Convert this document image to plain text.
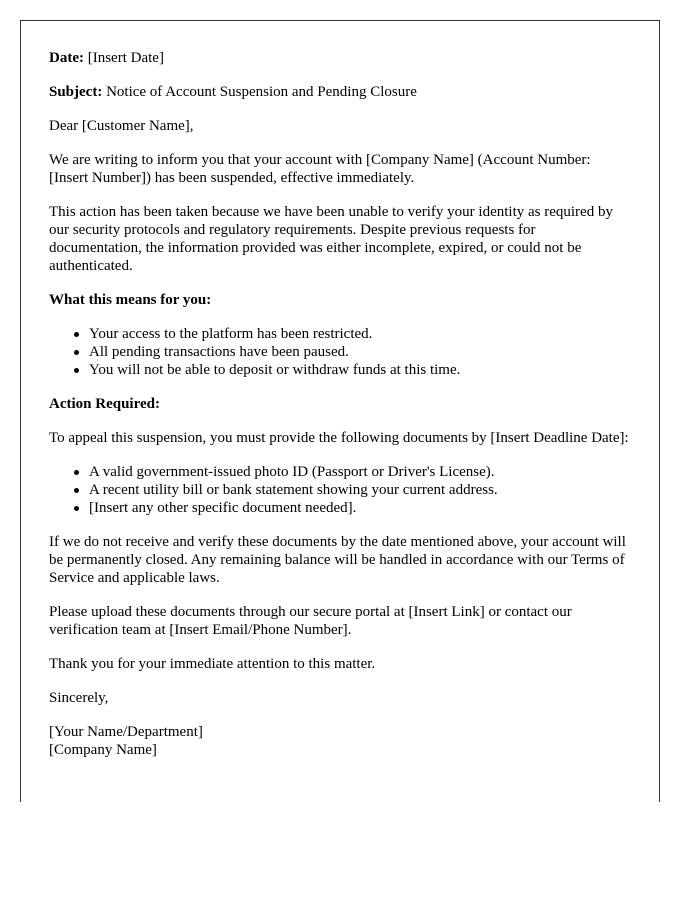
Date: [Insert Date]

Subject: Notice of Account Suspension and Pending Closure

Dear [Customer Name],

We are writing to inform you that your account with [Company Name] (Account Number: [Insert Number]) has been suspended, effective immediately.

This action has been taken because we have been unable to verify your identity as required by our security protocols and regulatory requirements. Despite previous requests for documentation, the information provided was either incomplete, expired, or could not be authenticated.

What this means for you:

Your access to the platform has been restricted.
All pending transactions have been paused.
You will not be able to deposit or withdraw funds at this time.

Action Required:

To appeal this suspension, you must provide the following documents by [Insert Deadline Date]:

A valid government-issued photo ID (Passport or Driver's License).
A recent utility bill or bank statement showing your current address.
[Insert any other specific document needed].

If we do not receive and verify these documents by the date mentioned above, your account will be permanently closed. Any remaining balance will be handled in accordance with our Terms of Service and applicable laws.

Please upload these documents through our secure portal at [Insert Link] or contact our verification team at [Insert Email/Phone Number].

Thank you for your immediate attention to this matter.

Sincerely,

[Your Name/Department]

[Company Name]
